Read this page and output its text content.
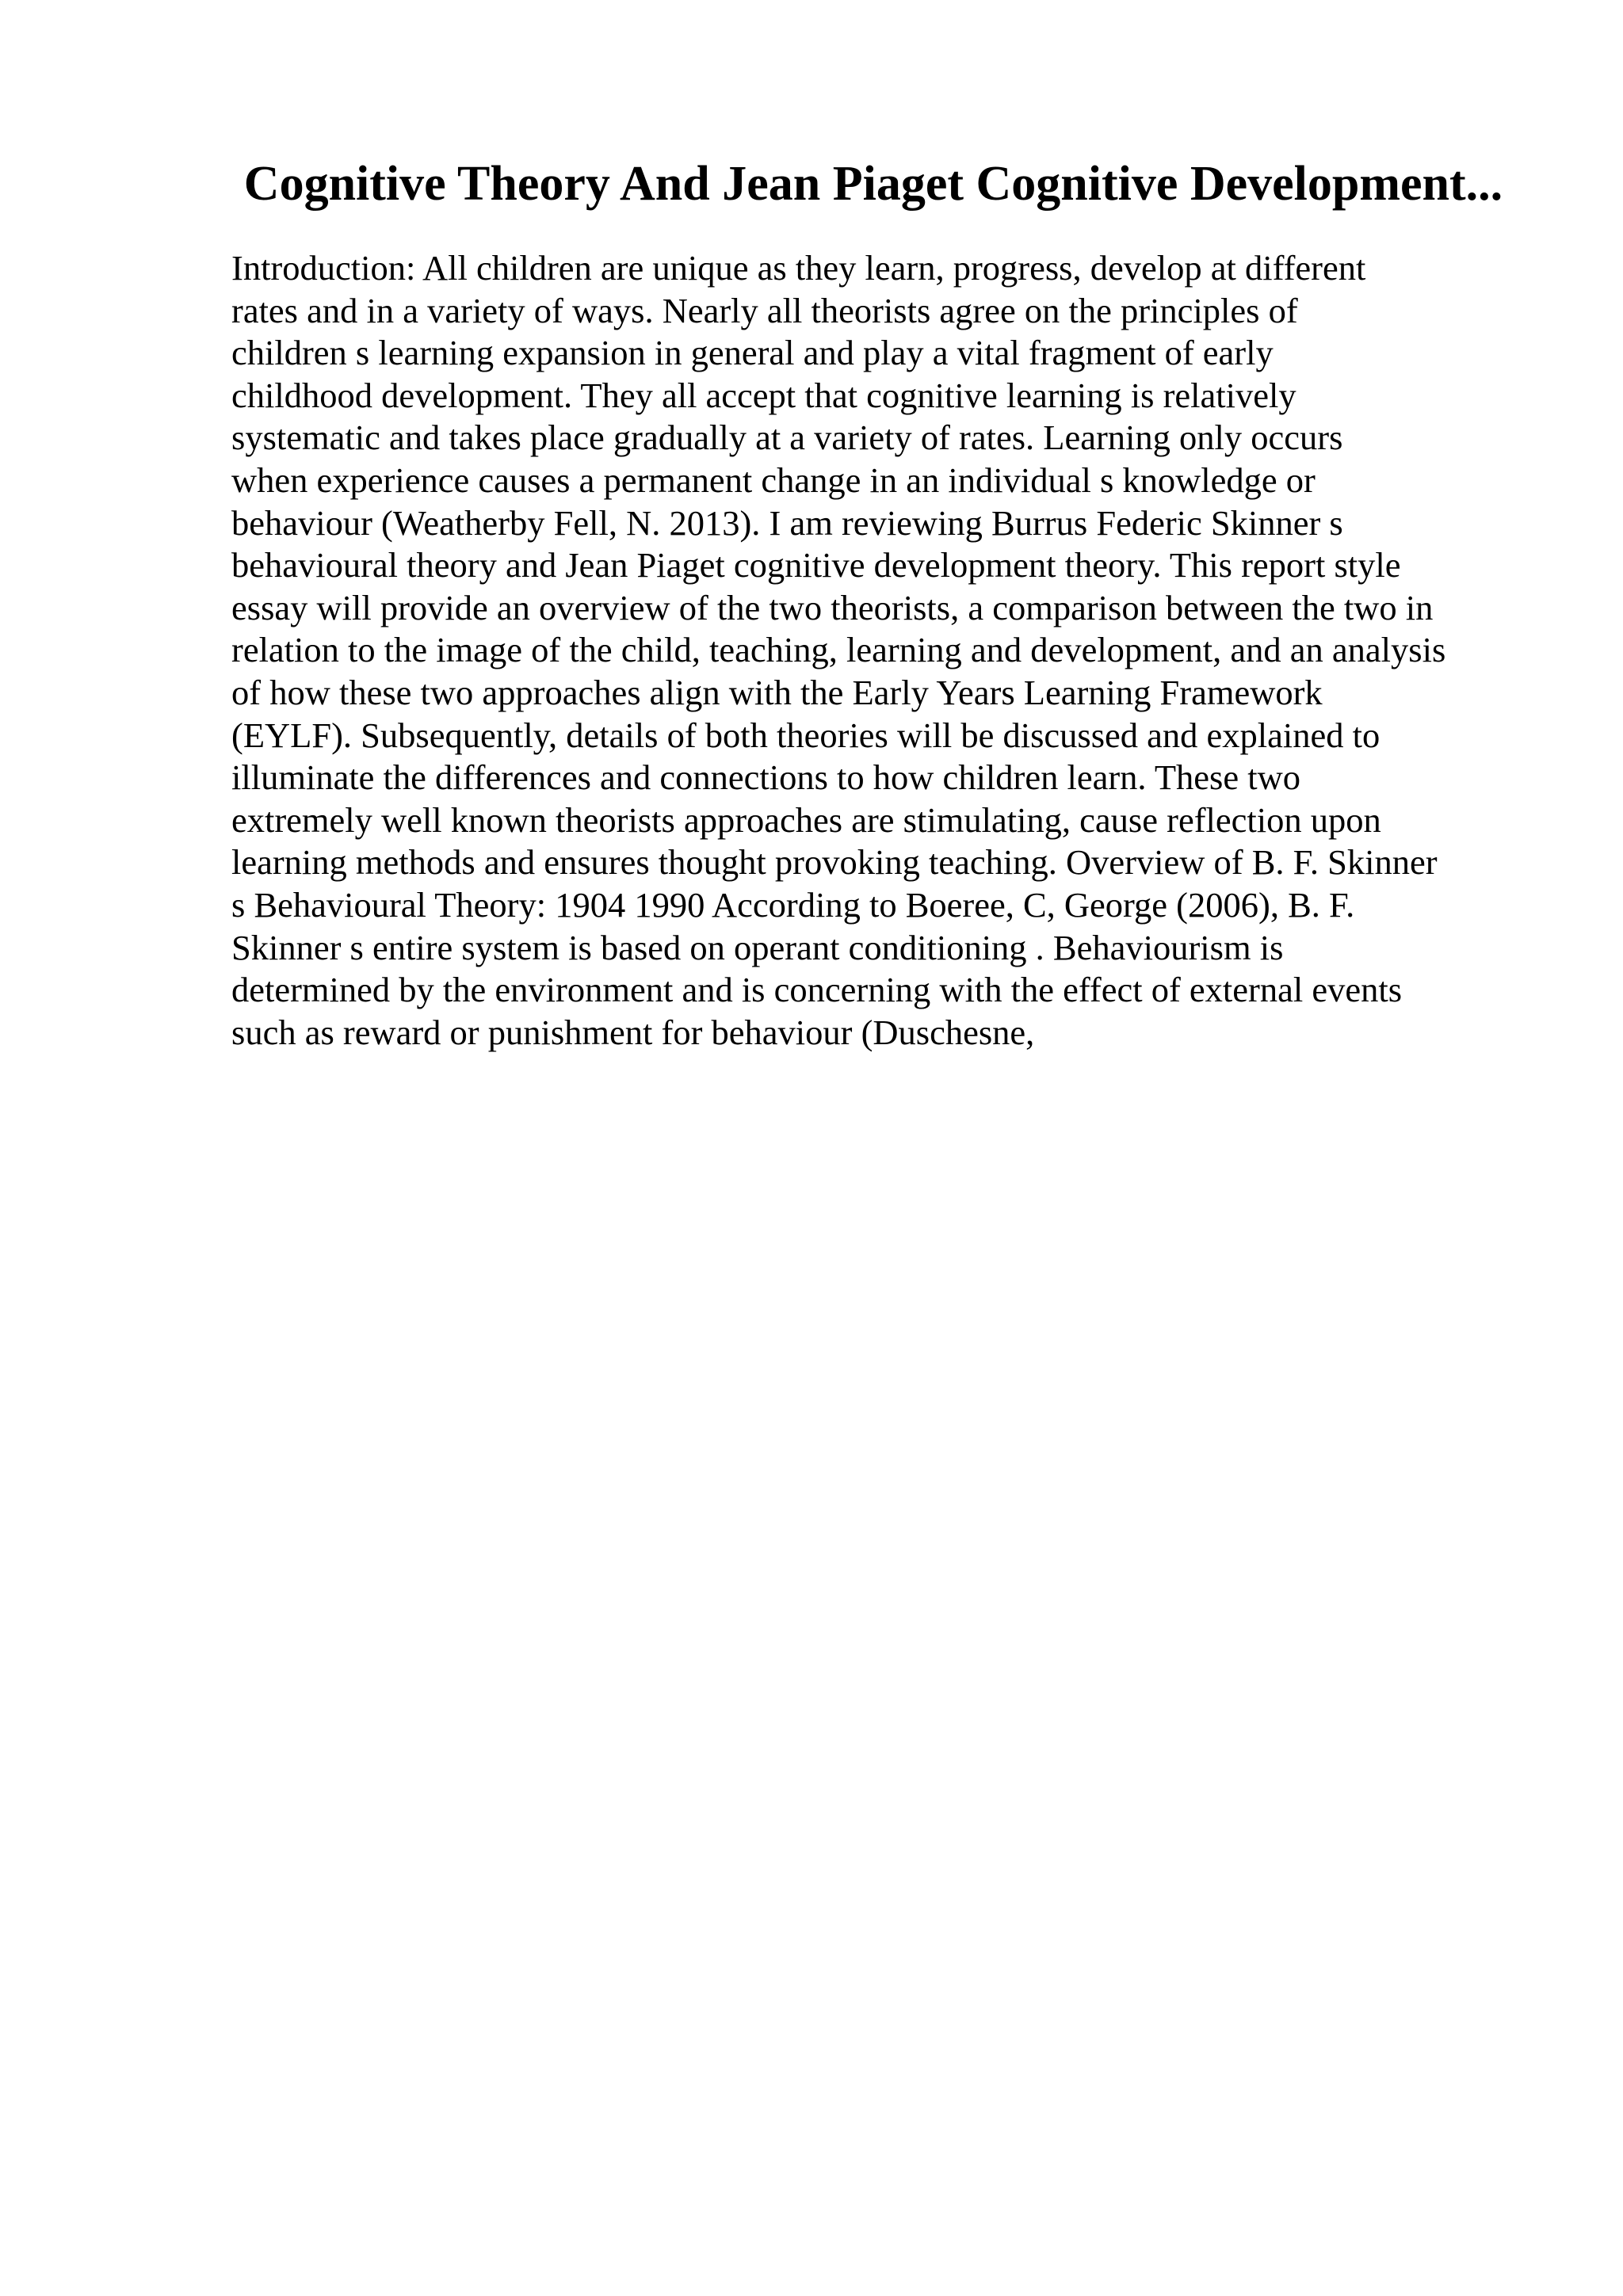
Cognitive Theory And Jean Piaget Cognitive Development...
Introduction: All children are unique as they learn, progress, develop at different
rates and in a variety of ways. Nearly all theorists agree on the principles of
children s learning expansion in general and play a vital fragment of early
childhood development. They all accept that cognitive learning is relatively
systematic and takes place gradually at a variety of rates. Learning only occurs
when experience causes a permanent change in an individual s knowledge or
behaviour (Weatherby Fell, N. 2013). I am reviewing Burrus Federic Skinner s
behavioural theory and Jean Piaget cognitive development theory. This report style
essay will provide an overview of the two theorists, a comparison between the two in
relation to the image of the child, teaching, learning and development, and an analysis
of how these two approaches align with the Early Years Learning Framework
(EYLF). Subsequently, details of both theories will be discussed and explained to
illuminate the differences and connections to how children learn. These two
extremely well known theorists approaches are stimulating, cause reflection upon
learning methods and ensures thought provoking teaching. Overview of B. F. Skinner
s Behavioural Theory: 1904 1990 According to Boeree, C, George (2006), B. F.
Skinner s entire system is based on operant conditioning . Behaviourism is
determined by the environment and is concerning with the effect of external events
such as reward or punishment for behaviour (Duschesne,
